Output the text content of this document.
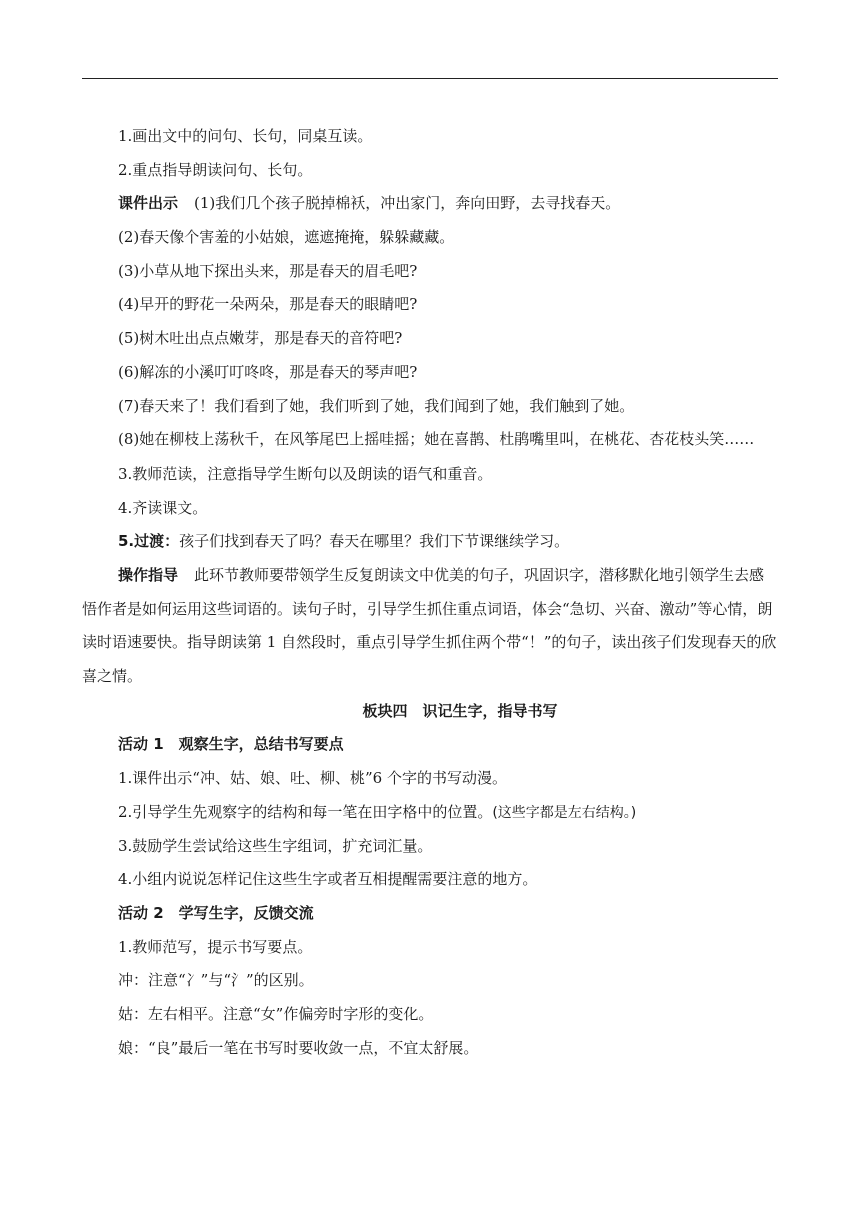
1.画出文中的问句、长句，同桌互读。
2.重点指导朗读问句、长句。
课件出示 (1)我们几个孩子脱掉棉袄，冲出家门，奔向田野，去寻找春天。
(2)春天像个害羞的小姑娘，遮遮掩掩，躲躲藏藏。
(3)小草从地下探出头来，那是春天的眉毛吧?
(4)早开的野花一朵两朵，那是春天的眼睛吧?
(5)树木吐出点点嫩芽，那是春天的音符吧?
(6)解冻的小溪叮叮咚咚，那是春天的琴声吧?
(7)春天来了！我们看到了她，我们听到了她，我们闻到了她，我们触到了她。
(8)她在柳枝上荡秋千，在风筝尾巴上摇哇摇；她在喜鹊、杜鹃嘴里叫，在桃花、杏花枝头笑……
3.教师范读，注意指导学生断句以及朗读的语气和重音。
4.齐读课文。
5.过渡：孩子们找到春天了吗？春天在哪里？我们下节课继续学习。
操作指导 此环节教师要带领学生反复朗读文中优美的句子，巩固识字，潜移默化地引领学生去感悟作者是如何运用这些词语的。读句子时，引导学生抓住重点词语，体会“急切、兴奋、激动”等心情，朗读时语速要快。指导朗读第 1 自然段时，重点引导学生抓住两个带“！”的句子，读出孩子们发现春天的欣喜之情。
板块四　识记生字，指导书写
活动 1　观察生字，总结书写要点
1.课件出示“冲、姑、娘、吐、柳、桃”6 个字的书写动漫。
2.引导学生先观察字的结构和每一笔在田字格中的位置。(这些字都是左右结构。)
3.鼓励学生尝试给这些生字组词，扩充词汇量。
4.小组内说说怎样记住这些生字或者互相提醒需要注意的地方。
活动 2　学写生字，反馈交流
1.教师范写，提示书写要点。
冲：注意“冫”与“氵”的区别。
姑：左右相平。注意“女”作偏旁时字形的变化。
娘：“良”最后一笔在书写时要收敛一点，不宜太舒展。
